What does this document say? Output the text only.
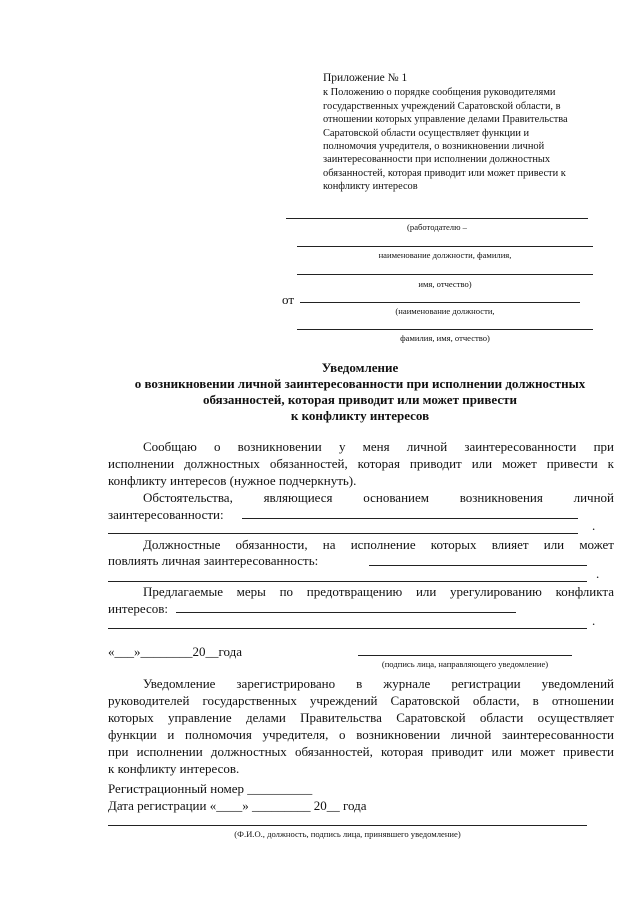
Приложение № 1
к Положению о порядке сообщения руководителями
государственных учреждений Саратовской области, в
отношении которых управление делами Правительства
Саратовской области осуществляет функции и
полномочия учредителя, о возникновении личной
заинтересованности при исполнении должностных
обязанностей, которая приводит или может привести к
конфликту интересов
(работодателю –
наименование должности, фамилия,
имя, отчество)
от
(наименование должности,
фамилия, имя, отчество)
Уведомление
о возникновении личной заинтересованности при исполнении должностных
обязанностей, которая приводит или может привести
к конфликту интересов
Сообщаю о возникновении у меня личной заинтересованности при
исполнении должностных обязанностей, которая приводит или может привести к
конфликту интересов (нужное подчеркнуть).
Обстоятельства, являющиеся основанием возникновения личной
заинтересованности:
.
Должностные обязанности, на исполнение которых влияет или может
повлиять личная заинтересованность:
.
Предлагаемые меры по предотвращению или урегулированию конфликта
интересов:
.
«___»________20__года
(подпись лица, направляющего уведомление)
Уведомление зарегистрировано в журнале регистрации уведомлений
руководителей государственных учреждений Саратовской области, в отношении
которых управление делами Правительства Саратовской области осуществляет
функции и полномочия учредителя, о возникновении личной заинтересованности
при исполнении должностных обязанностей, которая приводит или может привести
к конфликту интересов.
Регистрационный номер __________
Дата регистрации «____» _________ 20__ года
(Ф.И.О., должность, подпись лица, принявшего уведомление)
